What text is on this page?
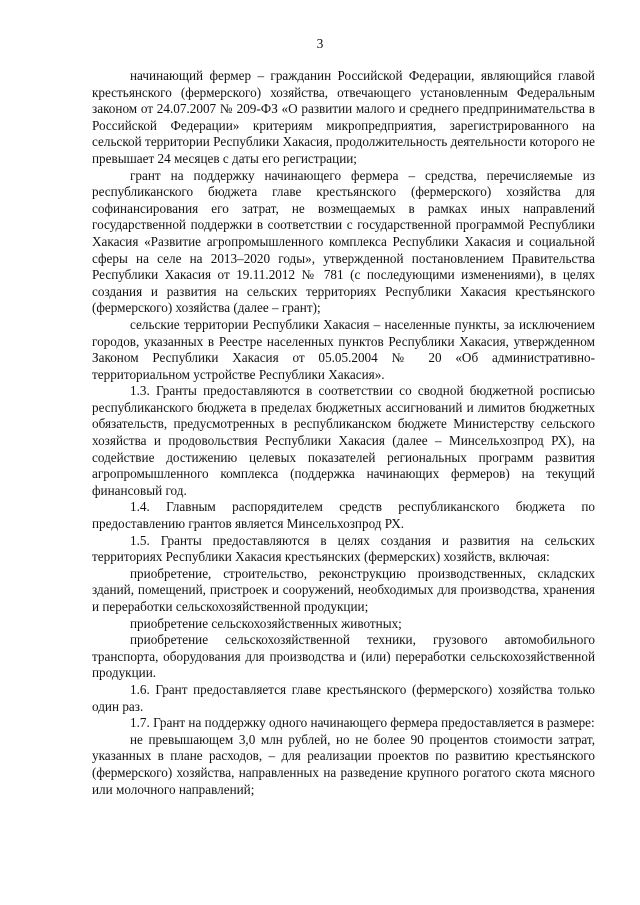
3

начинающий фермер – гражданин Российской Федерации, являющийся главой крестьянского (фермерского) хозяйства, отвечающего установленным Федеральным законом от 24.07.2007 № 209-ФЗ «О развитии малого и среднего предпринимательства в Российской Федерации» критериям микропредприятия, зарегистрированного на сельской территории Республики Хакасия, продолжительность деятельности которого не превышает 24 месяцев с даты его регистрации;

грант на поддержку начинающего фермера – средства, перечисляемые из республиканского бюджета главе крестьянского (фермерского) хозяйства для софинансирования его затрат, не возмещаемых в рамках иных направлений государственной поддержки в соответствии с государственной программой Республики Хакасия «Развитие агропромышленного комплекса Республики Хакасия и социальной сферы на селе на 2013–2020 годы», утвержденной постановлением Правительства Республики Хакасия от 19.11.2012 № 781 (с последующими изменениями), в целях создания и развития на сельских территориях Республики Хакасия крестьянского (фермерского) хозяйства (далее – грант);

сельские территории Республики Хакасия – населенные пункты, за исключением городов, указанных в Реестре населенных пунктов Республики Хакасия, утвержденном Законом Республики Хакасия от 05.05.2004 № 20 «Об административно-территориальном устройстве Республики Хакасия».

1.3. Гранты предоставляются в соответствии со сводной бюджетной росписью республиканского бюджета в пределах бюджетных ассигнований и лимитов бюджетных обязательств, предусмотренных в республиканском бюджете Министерству сельского хозяйства и продовольствия Республики Хакасия (далее – Минсельхозпрод РХ), на содействие достижению целевых показателей региональных программ развития агропромышленного комплекса (поддержка начинающих фермеров) на текущий финансовый год.

1.4. Главным распорядителем средств республиканского бюджета по предоставлению грантов является Минсельхозпрод РХ.

1.5. Гранты предоставляются в целях создания и развития на сельских территориях Республики Хакасия крестьянских (фермерских) хозяйств, включая:

приобретение, строительство, реконструкцию производственных, складских зданий, помещений, пристроек и сооружений, необходимых для производства, хранения и переработки сельскохозяйственной продукции;

приобретение сельскохозяйственных животных;

приобретение сельскохозяйственной техники, грузового автомобильного транспорта, оборудования для производства и (или) переработки сельскохозяйственной продукции.

1.6. Грант предоставляется главе крестьянского (фермерского) хозяйства только один раз.

1.7. Грант на поддержку одного начинающего фермера предоставляется в размере:

не превышающем 3,0 млн рублей, но не более 90 процентов стоимости затрат, указанных в плане расходов, – для реализации проектов по развитию крестьянского (фермерского) хозяйства, направленных на разведение крупного рогатого скота мясного или молочного направлений;
